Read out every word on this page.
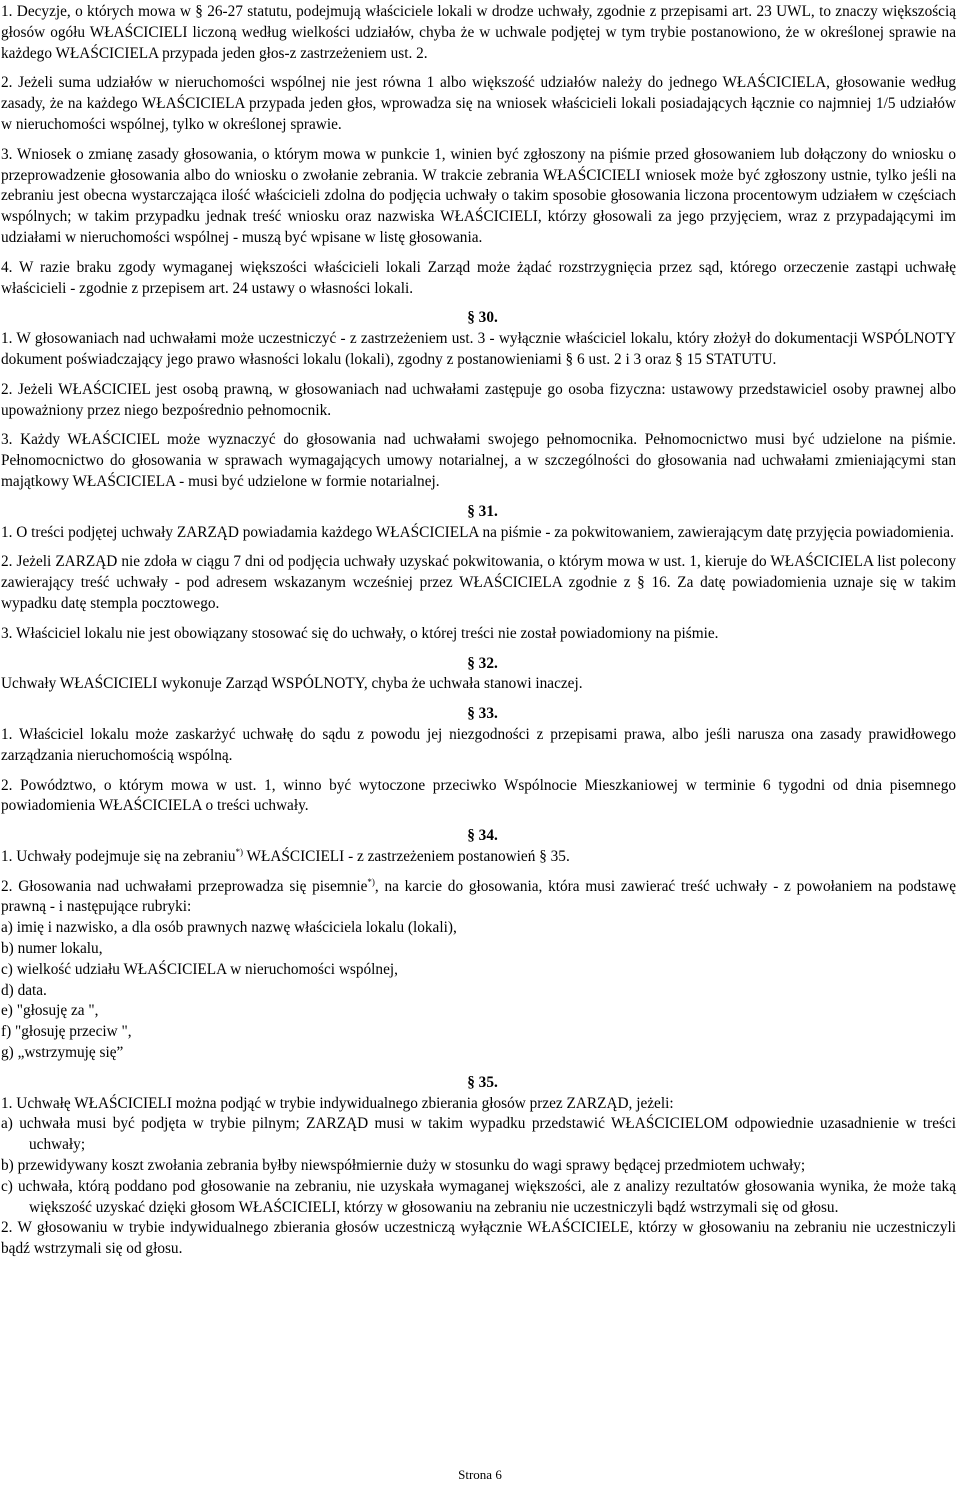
1. Decyzje, o których mowa w § 26-27 statutu, podejmują właściciele lokali w drodze uchwały, zgodnie z przepisami art. 23 UWL, to znaczy większością głosów ogółu WŁAŚCICIELI liczoną według wielkości udziałów, chyba że w uchwale podjętej w tym trybie postanowiono, że w określonej sprawie na każdego WŁAŚCICIELA przypada jeden głos-z zastrzeżeniem ust. 2.

2. Jeżeli suma udziałów w nieruchomości wspólnej nie jest równa 1 albo większość udziałów należy do jednego WŁAŚCICIELA, głosowanie według zasady, że na każdego WŁAŚCICIELA przypada jeden głos, wprowadza się na wniosek właścicieli lokali posiadających łącznie co najmniej 1/5 udziałów w nieruchomości wspólnej, tylko w określonej sprawie.

3. Wniosek o zmianę zasady głosowania, o którym mowa w punkcie 1, winien być zgłoszony na piśmie przed głosowaniem lub dołączony do wniosku o przeprowadzenie głosowania albo do wniosku o zwołanie zebrania. W trakcie zebrania WŁAŚCICIELI wniosek może być zgłoszony ustnie, tylko jeśli na zebraniu jest obecna wystarczająca ilość właścicieli zdolna do podjęcia uchwały o takim sposobie głosowania liczona procentowym udziałem w częściach wspólnych; w takim przypadku jednak treść wniosku oraz nazwiska WŁAŚCICIELI, którzy głosowali za jego przyjęciem, wraz z przypadającymi im udziałami w nieruchomości wspólnej - muszą być wpisane w listę głosowania.

4. W razie braku zgody wymaganej większości właścicieli lokali Zarząd może żądać rozstrzygnięcia przez sąd, którego orzeczenie zastąpi uchwałę właścicieli - zgodnie z przepisem art. 24 ustawy o własności lokali.

§ 30.

1. W głosowaniach nad uchwałami może uczestniczyć - z zastrzeżeniem ust. 3 - wyłącznie właściciel lokalu, który złożył do dokumentacji WSPÓLNOTY dokument poświadczający jego prawo własności lokalu (lokali), zgodny z postanowieniami § 6 ust. 2 i 3 oraz § 15 STATUTU.

2. Jeżeli WŁAŚCICIEL jest osobą prawną, w głosowaniach nad uchwałami zastępuje go osoba fizyczna: ustawowy przedstawiciel osoby prawnej albo upoważniony przez niego bezpośrednio pełnomocnik.

3. Każdy WŁAŚCICIEL może wyznaczyć do głosowania nad uchwałami swojego pełnomocnika. Pełnomocnictwo musi być udzielone na piśmie. Pełnomocnictwo do głosowania w sprawach wymagających umowy notarialnej, a w szczególności do głosowania nad uchwałami zmieniającymi stan majątkowy WŁAŚCICIELA - musi być udzielone w formie notarialnej.

§ 31.

1. O treści podjętej uchwały ZARZĄD powiadamia każdego WŁAŚCICIELA na piśmie - za pokwitowaniem, zawierającym datę przyjęcia powiadomienia.

2. Jeżeli ZARZĄD nie zdoła w ciągu 7 dni od podjęcia uchwały uzyskać pokwitowania, o którym mowa w ust. 1, kieruje do WŁAŚCICIELA list polecony zawierający treść uchwały - pod adresem wskazanym wcześniej przez WŁAŚCICIELA zgodnie z § 16. Za datę powiadomienia uznaje się w takim wypadku datę stempla pocztowego.

3. Właściciel lokalu nie jest obowiązany stosować się do uchwały, o której treści nie został powiadomiony na piśmie.

§ 32.

Uchwały WŁAŚCICIELI wykonuje Zarząd WSPÓLNOTY, chyba że uchwała stanowi inaczej.

§ 33.

1. Właściciel lokalu może zaskarżyć uchwałę do sądu z powodu jej niezgodności z przepisami prawa, albo jeśli narusza ona zasady prawidłowego zarządzania nieruchomością wspólną.

2. Powództwo, o którym mowa w ust. 1, winno być wytoczone przeciwko Wspólnocie Mieszkaniowej w terminie 6 tygodni od dnia pisemnego powiadomienia WŁAŚCICIELA o treści uchwały.

§ 34.

1. Uchwały podejmuje się na zebraniu*) WŁAŚCICIELI - z zastrzeżeniem postanowień § 35.

2. Głosowania nad uchwałami przeprowadza się pisemnie*), na karcie do głosowania, która musi zawierać treść uchwały - z powołaniem na podstawę prawną - i następujące rubryki:

a) imię i nazwisko, a dla osób prawnych nazwę właściciela lokalu (lokali),
b) numer lokalu,
c) wielkość udziału WŁAŚCICIELA w nieruchomości wspólnej,
d) data.
e) "głosuję za ",
f) "głosuję przeciw ",
g) „wstrzymuję się”

§ 35.

1. Uchwałę WŁAŚCICIELI można podjąć w trybie indywidualnego zbierania głosów przez ZARZĄD, jeżeli:

a) uchwała musi być podjęta w trybie pilnym; ZARZĄD musi w takim wypadku przedstawić WŁAŚCICIELOM odpowiednie uzasadnienie w treści uchwały;
b) przewidywany koszt zwołania zebrania byłby niewspółmiernie duży w stosunku do wagi sprawy będącej przedmiotem uchwały;
c) uchwała, którą poddano pod głosowanie na zebraniu, nie uzyskała wymaganej większości, ale z analizy rezultatów głosowania wynika, że może taką większość uzyskać dzięki głosom WŁAŚCICIELI, którzy w głosowaniu na zebraniu nie uczestniczyli bądź wstrzymali się od głosu.

2. W głosowaniu w trybie indywidualnego zbierania głosów uczestniczą wyłącznie WŁAŚCICIELE, którzy w głosowaniu na zebraniu nie uczestniczyli bądź wstrzymali się od głosu.

Strona 6
